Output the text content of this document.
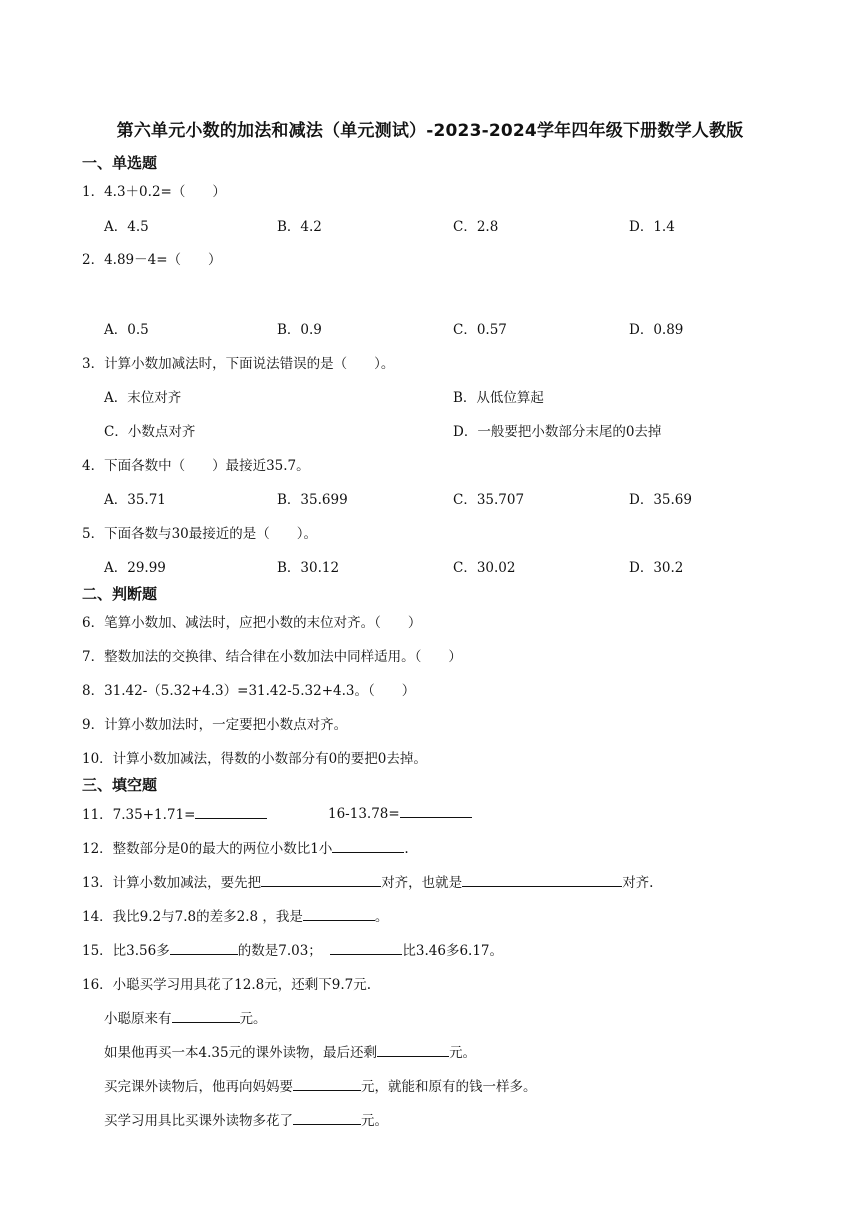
第六单元小数的加法和减法（单元测试）-2023-2024学年四年级下册数学人教版
一、单选题
1．4.3＋0.2=（　　）
A．4.5	B．4.2	C．2.8	D．1.4
2．4.89－4=（　　）
A．0.5	B．0.9	C．0.57	D．0.89
3．计算小数加减法时，下面说法错误的是（　　）。
A．末位对齐	B．从低位算起
C．小数点对齐	D．一般要把小数部分末尾的0去掉
4．下面各数中（　　）最接近35.7。
A．35.71	B．35.699	C．35.707	D．35.69
5．下面各数与30最接近的是（　　）。
A．29.99	B．30.12	C．30.02	D．30.2
二、判断题
6．笔算小数加、减法时，应把小数的末位对齐。（　　）
7．整数加法的交换律、结合律在小数加法中同样适用。（　　）
8．31.42-（5.32+4.3）=31.42-5.32+4.3。（　　）
9．计算小数加法时，一定要把小数点对齐。
10．计算小数加减法，得数的小数部分有0的要把0去掉。
三、填空题
11．7.35+1.71=	16-13.78=
12．整数部分是0的最大的两位小数比1小	.
13．计算小数加减法，要先把	对齐，也就是	对齐.
14．我比9.2与7.8的差多2.8 ，我是	。
15．比3.56多	的数是7.03；	比3.46多6.17。
16．小聪买学习用具花了12.8元，还剩下9.7元.
小聪原来有	元。
如果他再买一本4.35元的课外读物，最后还剩	元。
买完课外读物后，他再向妈妈要	元，就能和原有的钱一样多。
买学习用具比买课外读物多花了	元。
